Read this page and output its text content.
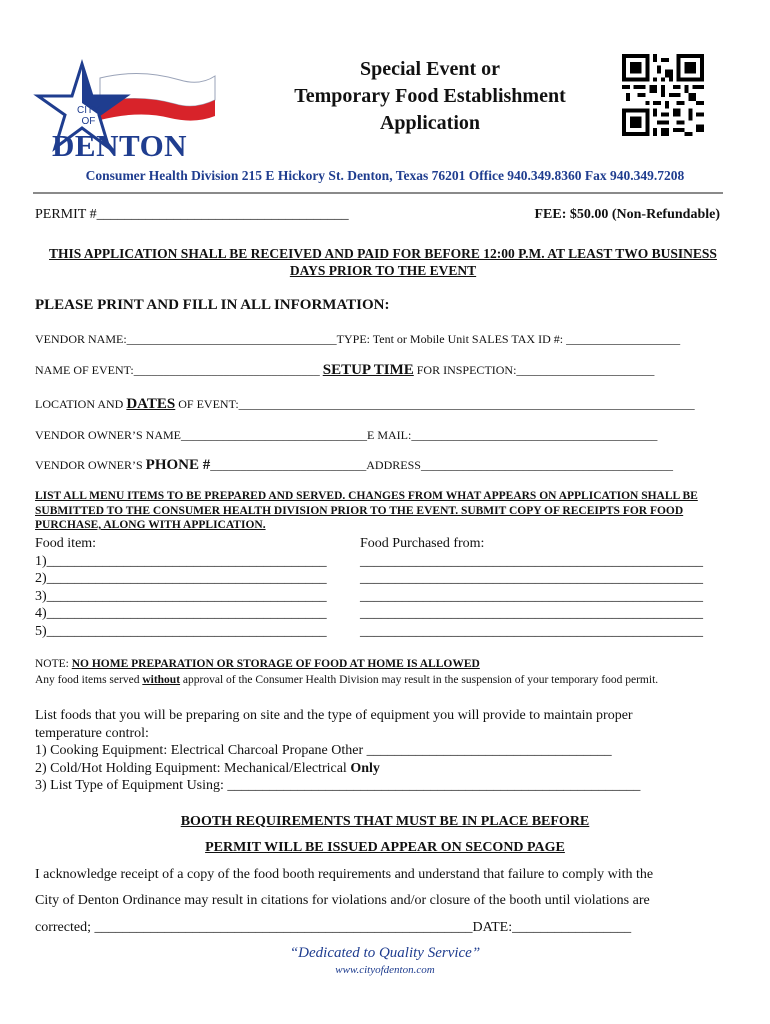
CITY
OF
DENTON
Special Event or
Temporary Food Establishment
Application
Consumer Health Division 215 E Hickory St. Denton, Texas 76201 Office 940.349.8360 Fax 940.349.7208
PERMIT #____________________________________	FEE: $50.00 (Non-Refundable)
THIS APPLICATION SHALL BE RECEIVED AND PAID FOR BEFORE 12:00 P.M. AT LEAST TWO BUSINESS DAYS PRIOR TO THE EVENT
PLEASE PRINT AND FILL IN ALL INFORMATION:
VENDOR NAME:___________________________________TYPE: Tent or Mobile Unit SALES TAX ID #: ___________________
NAME OF EVENT:_______________________________ SETUP TIME FOR INSPECTION:_______________________
LOCATION AND DATES OF EVENT:____________________________________________________________________________
VENDOR OWNER’S NAME_______________________________E MAIL:_________________________________________
VENDOR OWNER’S PHONE #__________________________ADDRESS__________________________________________
LIST ALL MENU ITEMS TO BE PREPARED AND SERVED. CHANGES FROM WHAT APPEARS ON APPLICATION SHALL BE SUBMITTED TO THE CONSUMER HEALTH DIVISION PRIOR TO THE EVENT. SUBMIT COPY OF RECEIPTS FOR FOOD PURCHASE, ALONG WITH APPLICATION.
Food item:
1)________________________________________
2)________________________________________
3)________________________________________
4)________________________________________
5)________________________________________
Food Purchased from:
_________________________________________________
_________________________________________________
_________________________________________________
_________________________________________________
_________________________________________________
NOTE: NO HOME PREPARATION OR STORAGE OF FOOD AT HOME IS ALLOWED
Any food items served without approval of the Consumer Health Division may result in the suspension of your temporary food permit.
List foods that you will be preparing on site and the type of equipment you will provide to maintain proper
temperature control:
1) Cooking Equipment: Electrical Charcoal Propane Other ___________________________________
2) Cold/Hot Holding Equipment: Mechanical/Electrical Only
3) List Type of Equipment Using: ___________________________________________________________
BOOTH REQUIREMENTS THAT MUST BE IN PLACE BEFORE
PERMIT WILL BE ISSUED APPEAR ON SECOND PAGE
I acknowledge receipt of a copy of the food booth requirements and understand that failure to comply with the
City of Denton Ordinance may result in citations for violations and/or closure of the booth until violations are
corrected; ______________________________________________________DATE:_________________
“Dedicated to Quality Service”
www.cityofdenton.com
